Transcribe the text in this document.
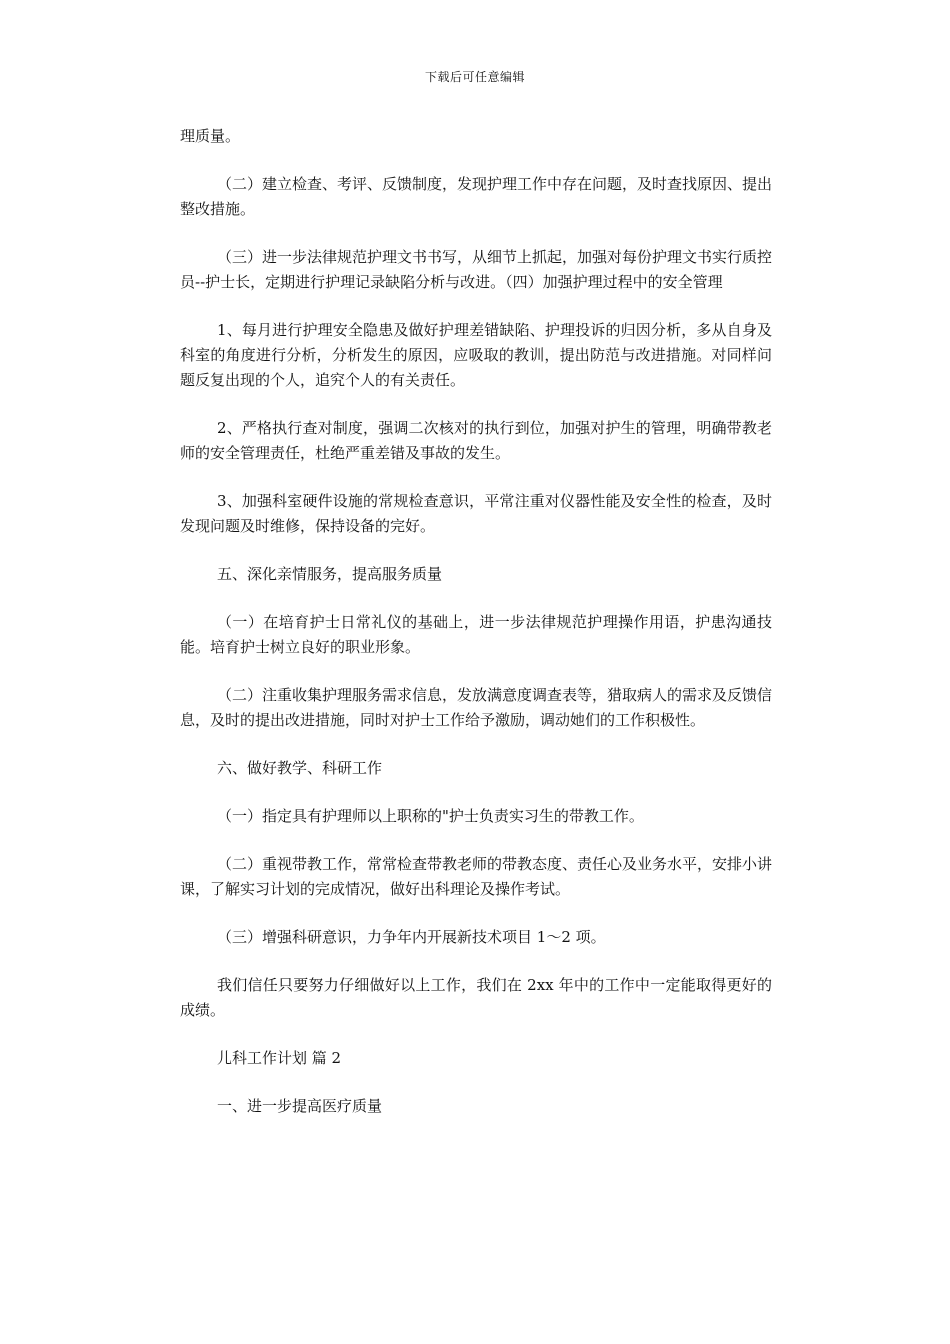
下载后可任意编辑

理质量。

（二）建立检查、考评、反馈制度，发现护理工作中存在问题，及时查找原因、提出整改措施。

（三）进一步法律规范护理文书书写，从细节上抓起，加强对每份护理文书实行质控员--护士长，定期进行护理记录缺陷分析与改进。（四）加强护理过程中的安全管理

1、每月进行护理安全隐患及做好护理差错缺陷、护理投诉的归因分析，多从自身及科室的角度进行分析，分析发生的原因，应吸取的教训，提出防范与改进措施。对同样问题反复出现的个人，追究个人的有关责任。

2、严格执行查对制度，强调二次核对的执行到位，加强对护生的管理，明确带教老师的安全管理责任，杜绝严重差错及事故的发生。

3、加强科室硬件设施的常规检查意识，平常注重对仪器性能及安全性的检查，及时发现问题及时维修，保持设备的完好。

五、深化亲情服务，提高服务质量

（一）在培育护士日常礼仪的基础上，进一步法律规范护理操作用语，护患沟通技能。培育护士树立良好的职业形象。

（二）注重收集护理服务需求信息，发放满意度调查表等，猎取病人的需求及反馈信息，及时的提出改进措施，同时对护士工作给予激励，调动她们的工作积极性。

六、做好教学、科研工作

（一）指定具有护理师以上职称的"护士负责实习生的带教工作。

（二）重视带教工作，常常检查带教老师的带教态度、责任心及业务水平，安排小讲课，了解实习计划的完成情况，做好出科理论及操作考试。

（三）增强科研意识，力争年内开展新技术项目 1～2 项。

我们信任只要努力仔细做好以上工作，我们在 2xx 年中的工作中一定能取得更好的成绩。

儿科工作计划 篇 2

一、进一步提高医疗质量
